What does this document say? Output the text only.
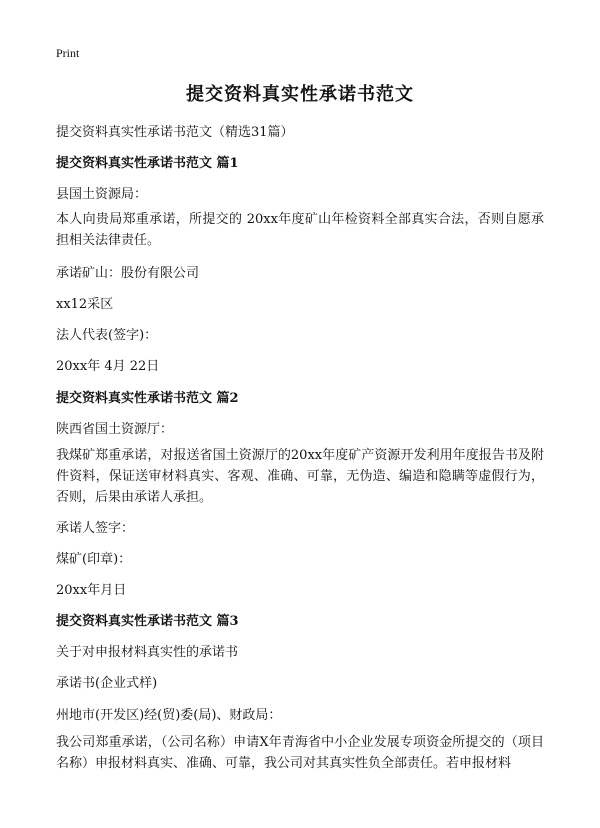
Print
提交资料真实性承诺书范文
提交资料真实性承诺书范文（精选31篇）
提交资料真实性承诺书范文 篇1
县国土资源局：
本人向贵局郑重承诺，所提交的 20xx年度矿山年检资料全部真实合法，否则自愿承担相关法律责任。
承诺矿山：股份有限公司
xx12采区
法人代表(签字)：
20xx年 4月 22日
提交资料真实性承诺书范文 篇2
陕西省国土资源厅：
我煤矿郑重承诺，对报送省国土资源厅的20xx年度矿产资源开发利用年度报告书及附件资料，保证送审材料真实、客观、准确、可靠，无伪造、编造和隐瞒等虚假行为，否则，后果由承诺人承担。
承诺人签字：
煤矿(印章)：
20xx年月日
提交资料真实性承诺书范文 篇3
关于对申报材料真实性的承诺书
承诺书(企业式样)
州地市(开发区)经(贸)委(局)、财政局：
我公司郑重承诺，（公司名称）申请X年青海省中小企业发展专项资金所提交的（项目名称）申报材料真实、准确、可靠，我公司对其真实性负全部责任。若申报材料
